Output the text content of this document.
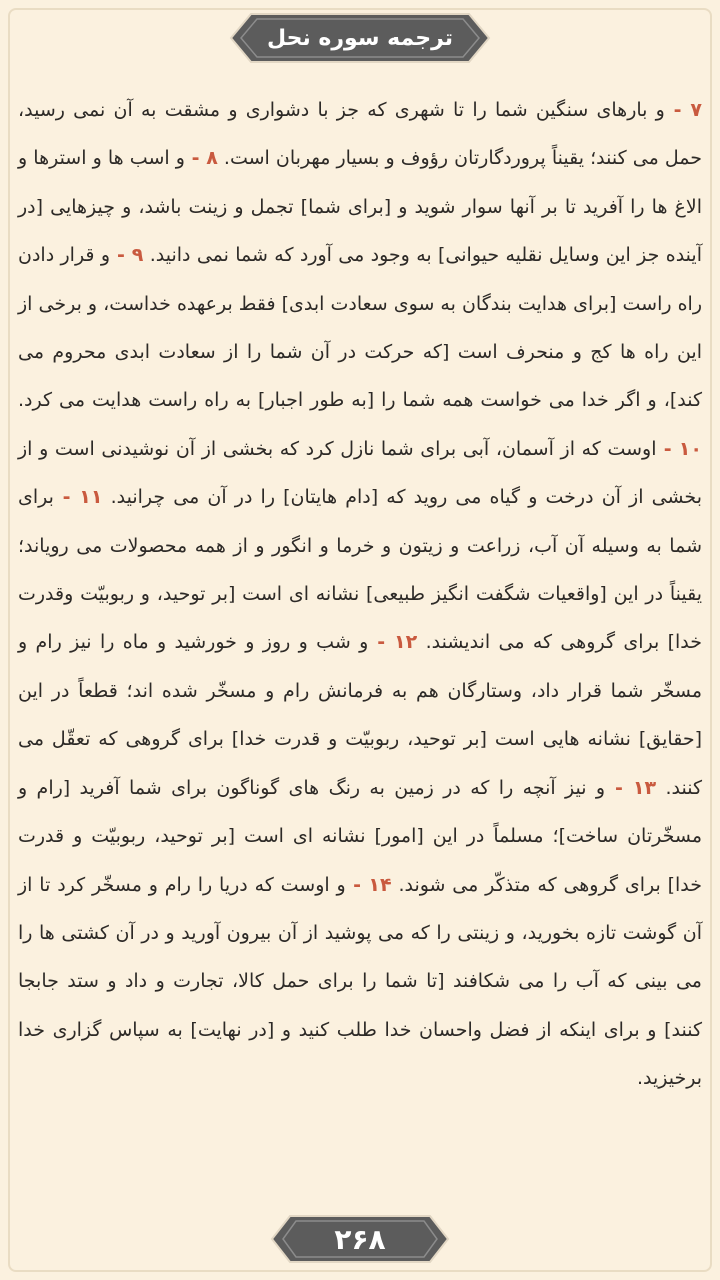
ترجمه سوره نحل
۷ - و بارهای سنگین شما را تا شهری که جز با دشواری و مشقت به آن نمی رسید، حمل می کنند؛ یقیناً پروردگارتان رؤوف و بسیار مهربان است. ۸ - و اسب ها و استرها و الاغ ها را آفرید تا بر آنها سوار شوید و [برای شما] تجمل و زینت باشد، و چیزهایی [در آینده جز این وسایل نقلیه حیوانی] به وجود می آورد که شما نمی دانید. ۹ - و قرار دادن راه راست [برای هدایت بندگان به سوی سعادت ابدی] فقط برعهده خداست، و برخی از این راه ها کج و منحرف است [که حرکت در آن شما را از سعادت ابدی محروم می کند]، و اگر خدا می خواست همه شما را [به طور اجبار] به راه راست هدایت می کرد. ۱۰ - اوست که از آسمان، آبی برای شما نازل کرد که بخشی از آن نوشیدنی است و از بخشی از آن درخت و گیاه می روید که [دام هایتان] را در آن می چرانید. ۱۱ - برای شما به وسیله آن آب، زراعت و زیتون و خرما و انگور و از همه محصولات می رویاند؛ یقیناً در این [واقعیات شگفت انگیز طبیعی] نشانه ای است [بر توحید، و ربوبیّت وقدرت خدا] برای گروهی که می اندیشند. ۱۲ - و شب و روز و خورشید و ماه را نیز رام و مسخّر شما قرار داد، وستارگان هم به فرمانش رام و مسخّر شده اند؛ قطعاً در این [حقایق] نشانه هایی است [بر توحید، ربوبیّت و قدرت خدا] برای گروهی که تعقّل می کنند. ۱۳ - و نیز آنچه را که در زمین به رنگ های گوناگون برای شما آفرید [رام و مسخّرتان ساخت]؛ مسلماً در این [امور] نشانه ای است [بر توحید، ربوبیّت و قدرت خدا] برای گروهی که متذکّر می شوند. ۱۴ - و اوست که دریا را رام و مسخّر کرد تا از آن گوشت تازه بخورید، و زینتی را که می پوشید از آن بیرون آورید و در آن کشتی ها را می بینی که آب را می شکافند [تا شما را برای حمل کالا، تجارت و داد و ستد جابجا کنند] و برای اینکه از فضل واحسان خدا طلب کنید و [در نهایت] به سپاس گزاری خدا برخیزید.
۲۶۸
